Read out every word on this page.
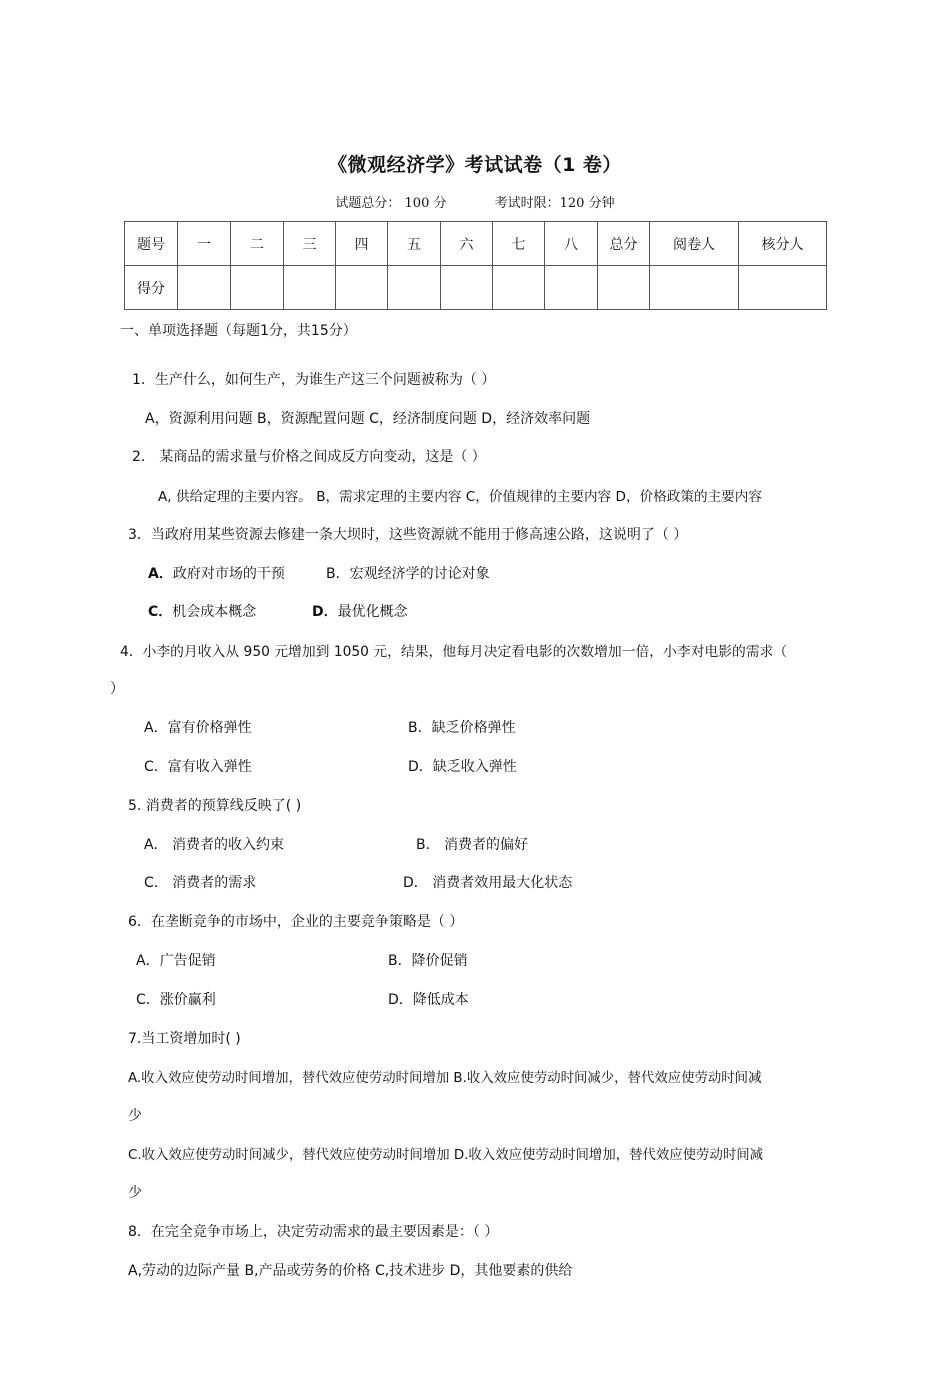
《微观经济学》考试试卷（1 卷）
试题总分： 100 分	考试时限：120 分钟
题号	一	二	三	四	五	六	七	八	总分	阅卷人	核分人
得分											
一、单项选择题（每题1分，共15分）
1．生产什么，如何生产，为谁生产这三个问题被称为（ ）
A，资源利用问题 B，资源配置问题 C，经济制度问题 D，经济效率问题
2． 某商品的需求量与价格之间成反方向变动，这是（ ）
A, 供给定理的主要内容。 B，需求定理的主要内容 C，价值规律的主要内容 D，价格政策的主要内容
3．当政府用某些资源去修建一条大坝时，这些资源就不能用于修高速公路，这说明了（ ）
A．政府对市场的干预	B．宏观经济学的讨论对象
C．机会成本概念	D．最优化概念
4．小李的月收入从 950 元增加到 1050 元，结果，他每月决定看电影的次数增加一倍，小李对电影的需求（
）
A．富有价格弹性	B．缺乏价格弹性
C．富有收入弹性	D．缺乏收入弹性
5. 消费者的预算线反映了( )
A． 消费者的收入约束	B． 消费者的偏好
C． 消费者的需求	D． 消费者效用最大化状态
6．在垄断竞争的市场中，企业的主要竞争策略是（ ）
A．广告促销	B．降价促销
C．涨价赢利	D．降低成本
7.当工资增加时( )
A.收入效应使劳动时间增加，替代效应使劳动时间增加 B.收入效应使劳动时间减少，替代效应使劳动时间减
少
C.收入效应使劳动时间减少，替代效应使劳动时间增加 D.收入效应使劳动时间增加，替代效应使劳动时间减
少
8．在完全竞争市场上，决定劳动需求的最主要因素是：（ ）
A,劳动的边际产量 B,产品或劳务的价格 C,技术进步 D，其他要素的供给
